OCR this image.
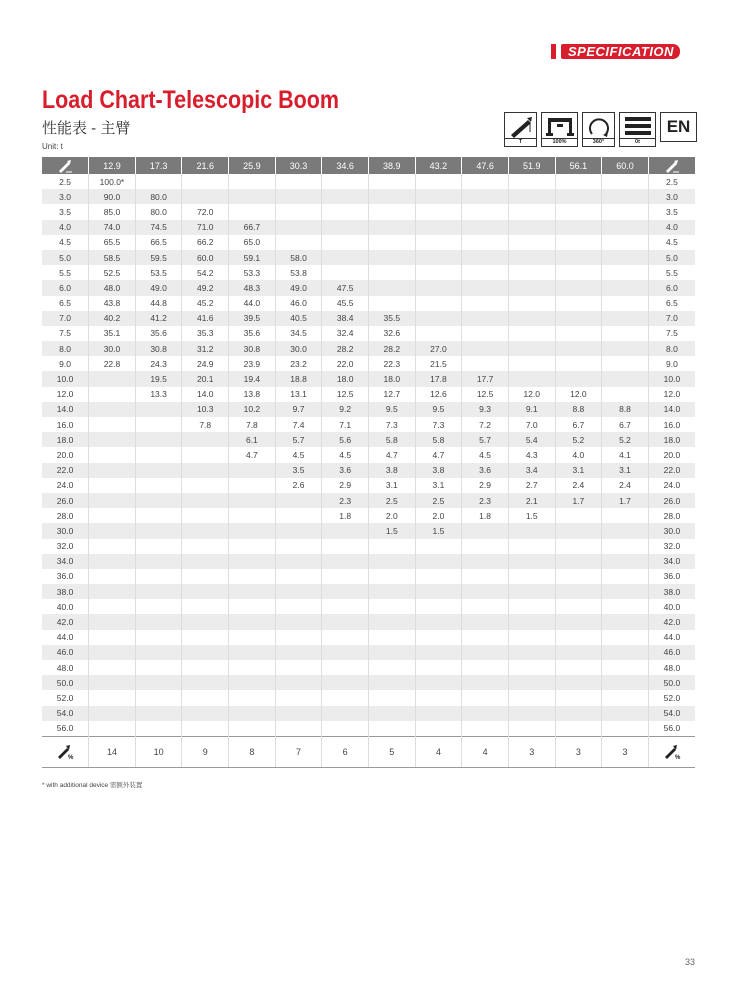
SPECIFICATION
Load Chart-Telescopic Boom
性能表 - 主臂
Unit: t	T	100%	360°	0t
EN
	12.9	17.3	21.6	25.9	30.3	34.6	38.9	43.2	47.6	51.9	56.1	60.0	

2.5	100.0*												2.5
3.0	90.0	80.0											3.0
3.5	85.0	80.0	72.0										3.5
4.0	74.0	74.5	71.0	66.7									4.0
4.5	65.5	66.5	66.2	65.0									4.5
5.0	58.5	59.5	60.0	59.1	58.0								5.0
5.5	52.5	53.5	54.2	53.3	53.8								5.5
6.0	48.0	49.0	49.2	48.3	49.0	47.5							6.0
6.5	43.8	44.8	45.2	44.0	46.0	45.5							6.5
7.0	40.2	41.2	41.6	39.5	40.5	38.4	35.5						7.0
7.5	35.1	35.6	35.3	35.6	34.5	32.4	32.6						7.5
8.0	30.0	30.8	31.2	30.8	30.0	28.2	28.2	27.0					8.0
9.0	22.8	24.3	24.9	23.9	23.2	22.0	22.3	21.5					9.0
10.0		19.5	20.1	19.4	18.8	18.0	18.0	17.8	17.7				10.0
12.0		13.3	14.0	13.8	13.1	12.5	12.7	12.6	12.5	12.0	12.0		12.0
14.0			10.3	10.2	9.7	9.2	9.5	9.5	9.3	9.1	8.8	8.8	14.0
16.0			7.8	7.8	7.4	7.1	7.3	7.3	7.2	7.0	6.7	6.7	16.0
18.0				6.1	5.7	5.6	5.8	5.8	5.7	5.4	5.2	5.2	18.0
20.0				4.7	4.5	4.5	4.7	4.7	4.5	4.3	4.0	4.1	20.0
22.0					3.5	3.6	3.8	3.8	3.6	3.4	3.1	3.1	22.0
24.0					2.6	2.9	3.1	3.1	2.9	2.7	2.4	2.4	24.0
26.0						2.3	2.5	2.5	2.3	2.1	1.7	1.7	26.0
28.0						1.8	2.0	2.0	1.8	1.5			28.0
30.0							1.5	1.5					30.0
32.0													32.0
34.0													34.0
36.0													36.0
38.0													38.0
40.0													40.0
42.0													42.0
44.0													44.0
46.0													46.0
48.0													48.0
50.0													50.0
52.0													52.0
54.0													54.0
56.0													56.0

%	14	10	9	8	7	6	5	4	4	3	3	3	%
* with additional device 需额外装置
33
